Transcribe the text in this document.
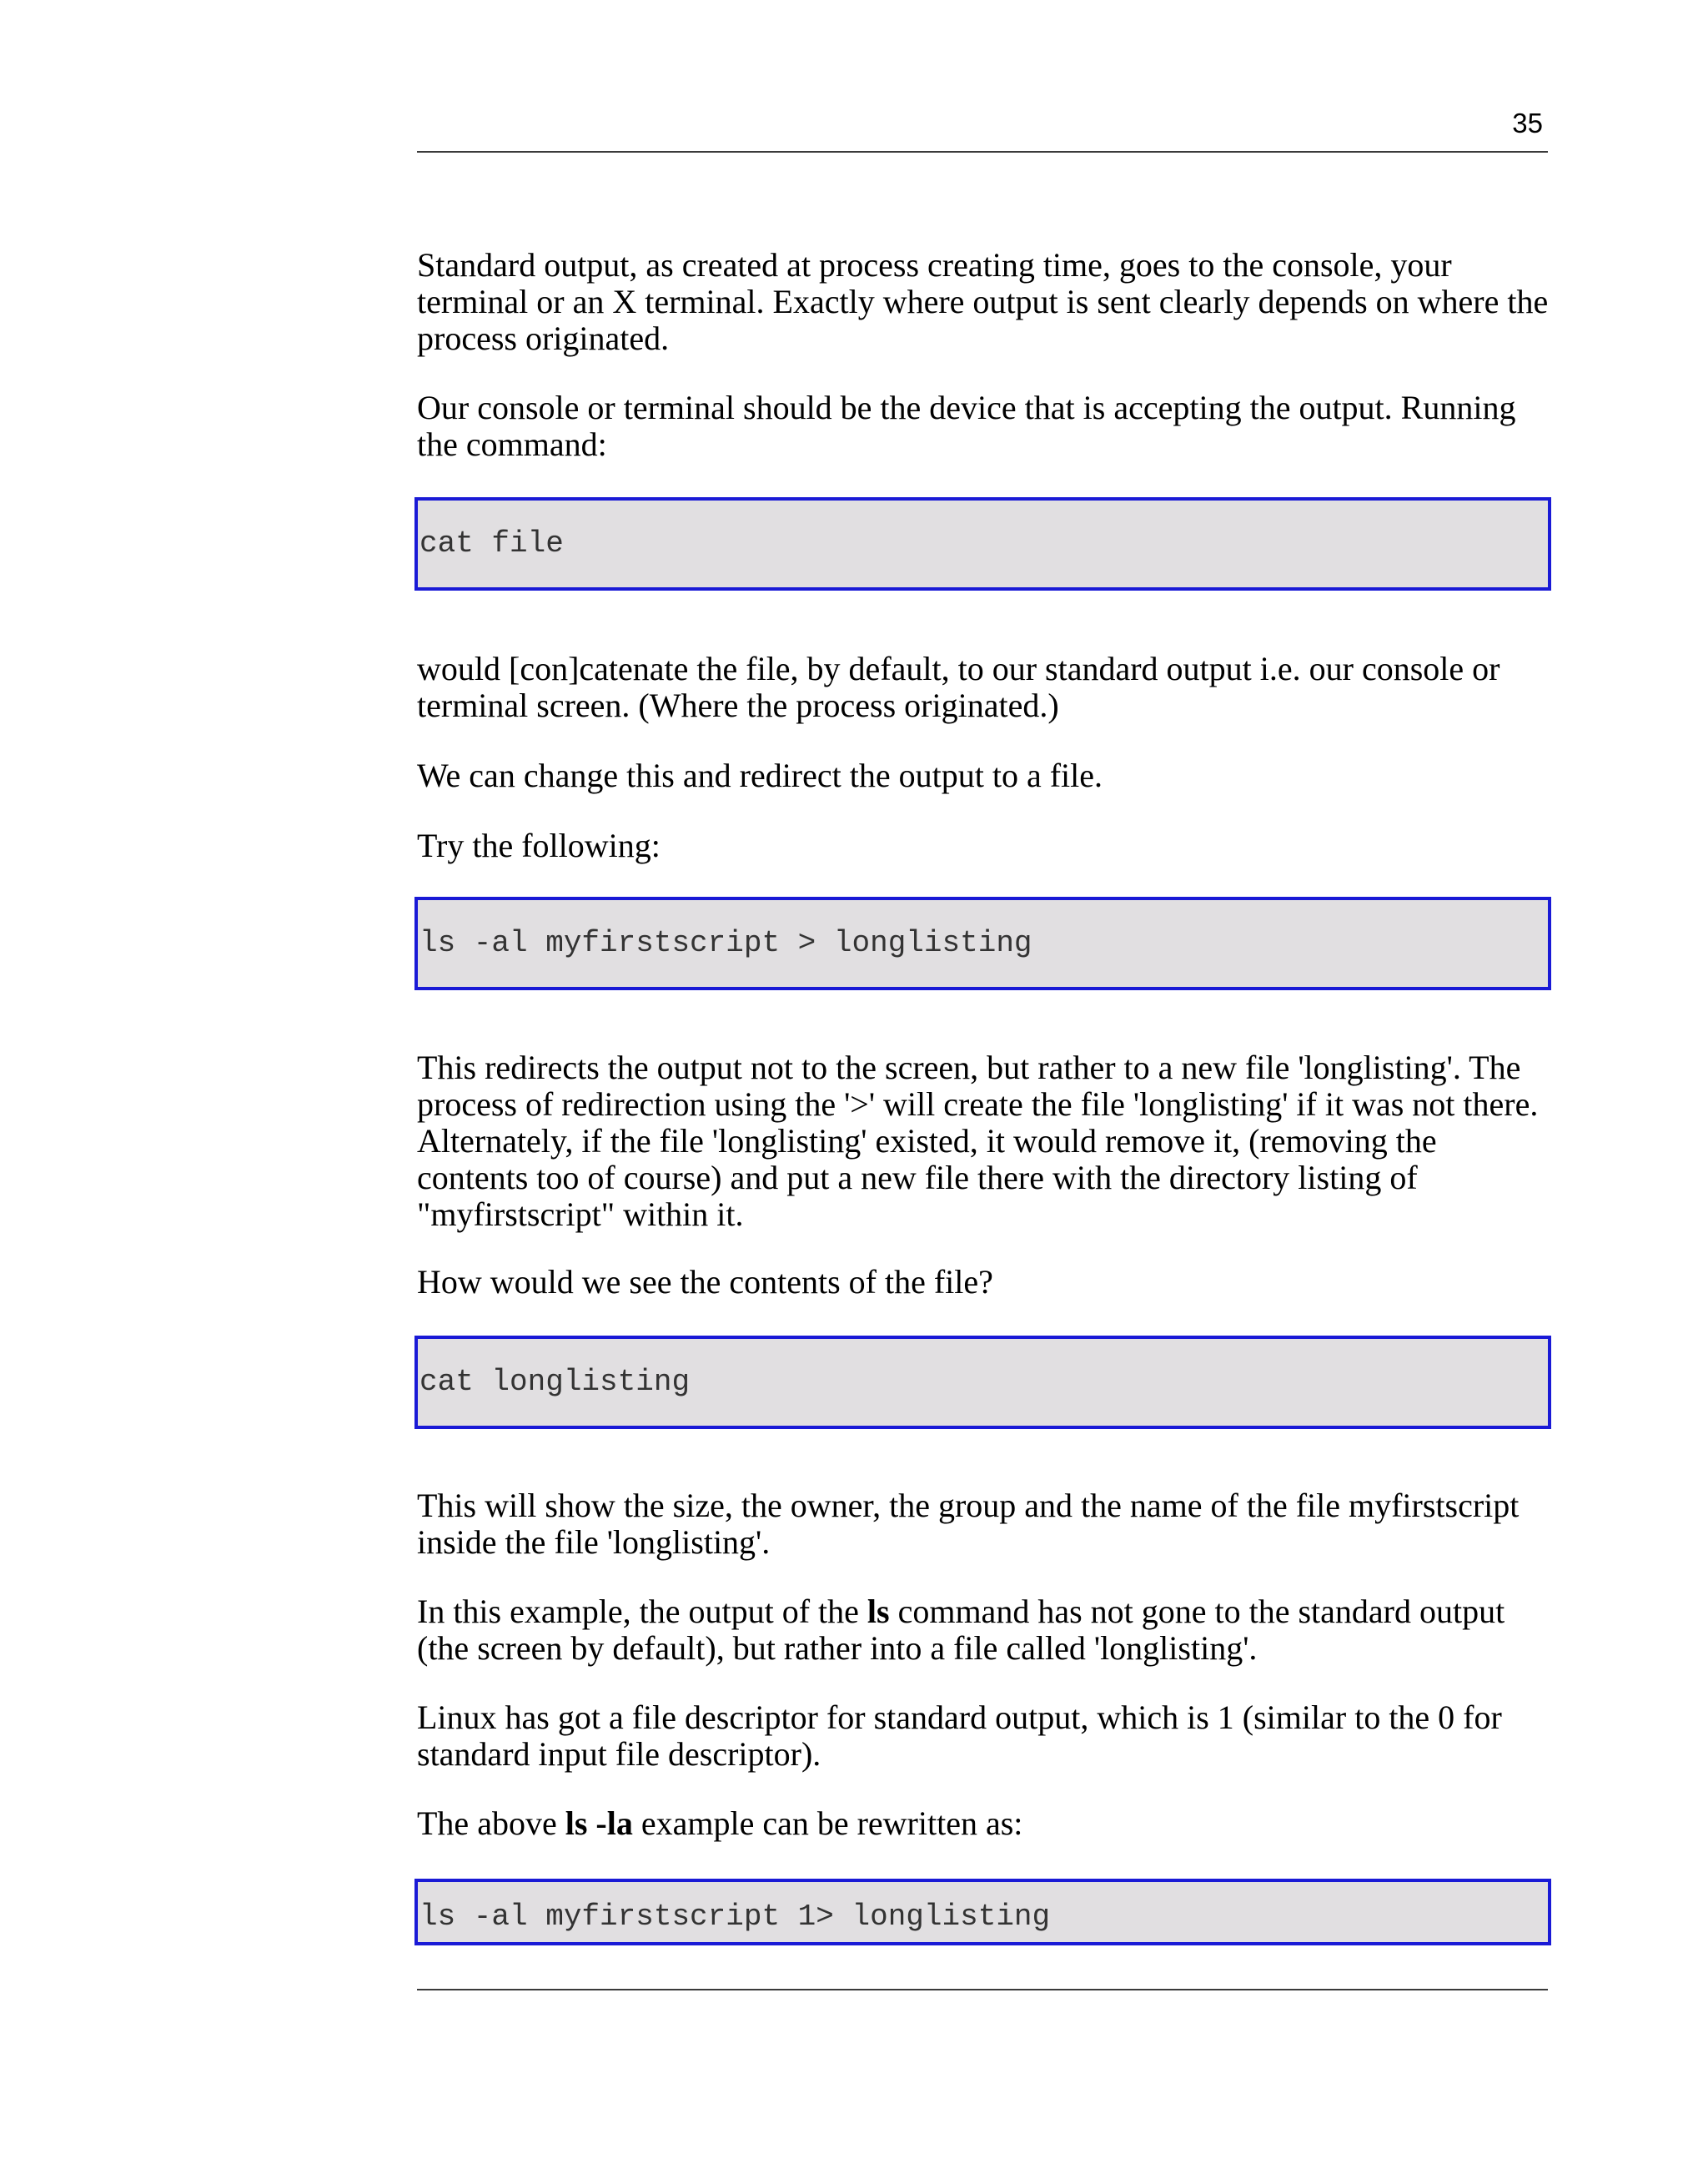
35

Standard output, as created at process creating time, goes to the console, your
terminal or an X terminal. Exactly where output is sent clearly depends on where the
process originated.

Our console or terminal should be the device that is accepting the output. Running
the command:

cat file

would [con]catenate the file, by default, to our standard output i.e. our console or
terminal screen. (Where the process originated.)

We can change this and redirect the output to a file.

Try the following:

ls -al myfirstscript > longlisting

This redirects the output not to the screen, but rather to a new file 'longlisting'. The
process of redirection using the '>' will create the file 'longlisting' if it was not there.
Alternately, if the file 'longlisting' existed, it would remove it, (removing the
contents too of course) and put a new file there with the directory listing of
"myfirstscript" within it.

How would we see the contents of the file?

cat longlisting

This will show the size, the owner, the group and the name of the file myfirstscript
inside the file 'longlisting'.

In this example, the output of the ls command has not gone to the standard output
(the screen by default), but rather into a file called 'longlisting'.

Linux has got a file descriptor for standard output, which is 1 (similar to the 0 for
standard input file descriptor).

The above ls -la example can be rewritten as:

ls -al myfirstscript 1> longlisting
